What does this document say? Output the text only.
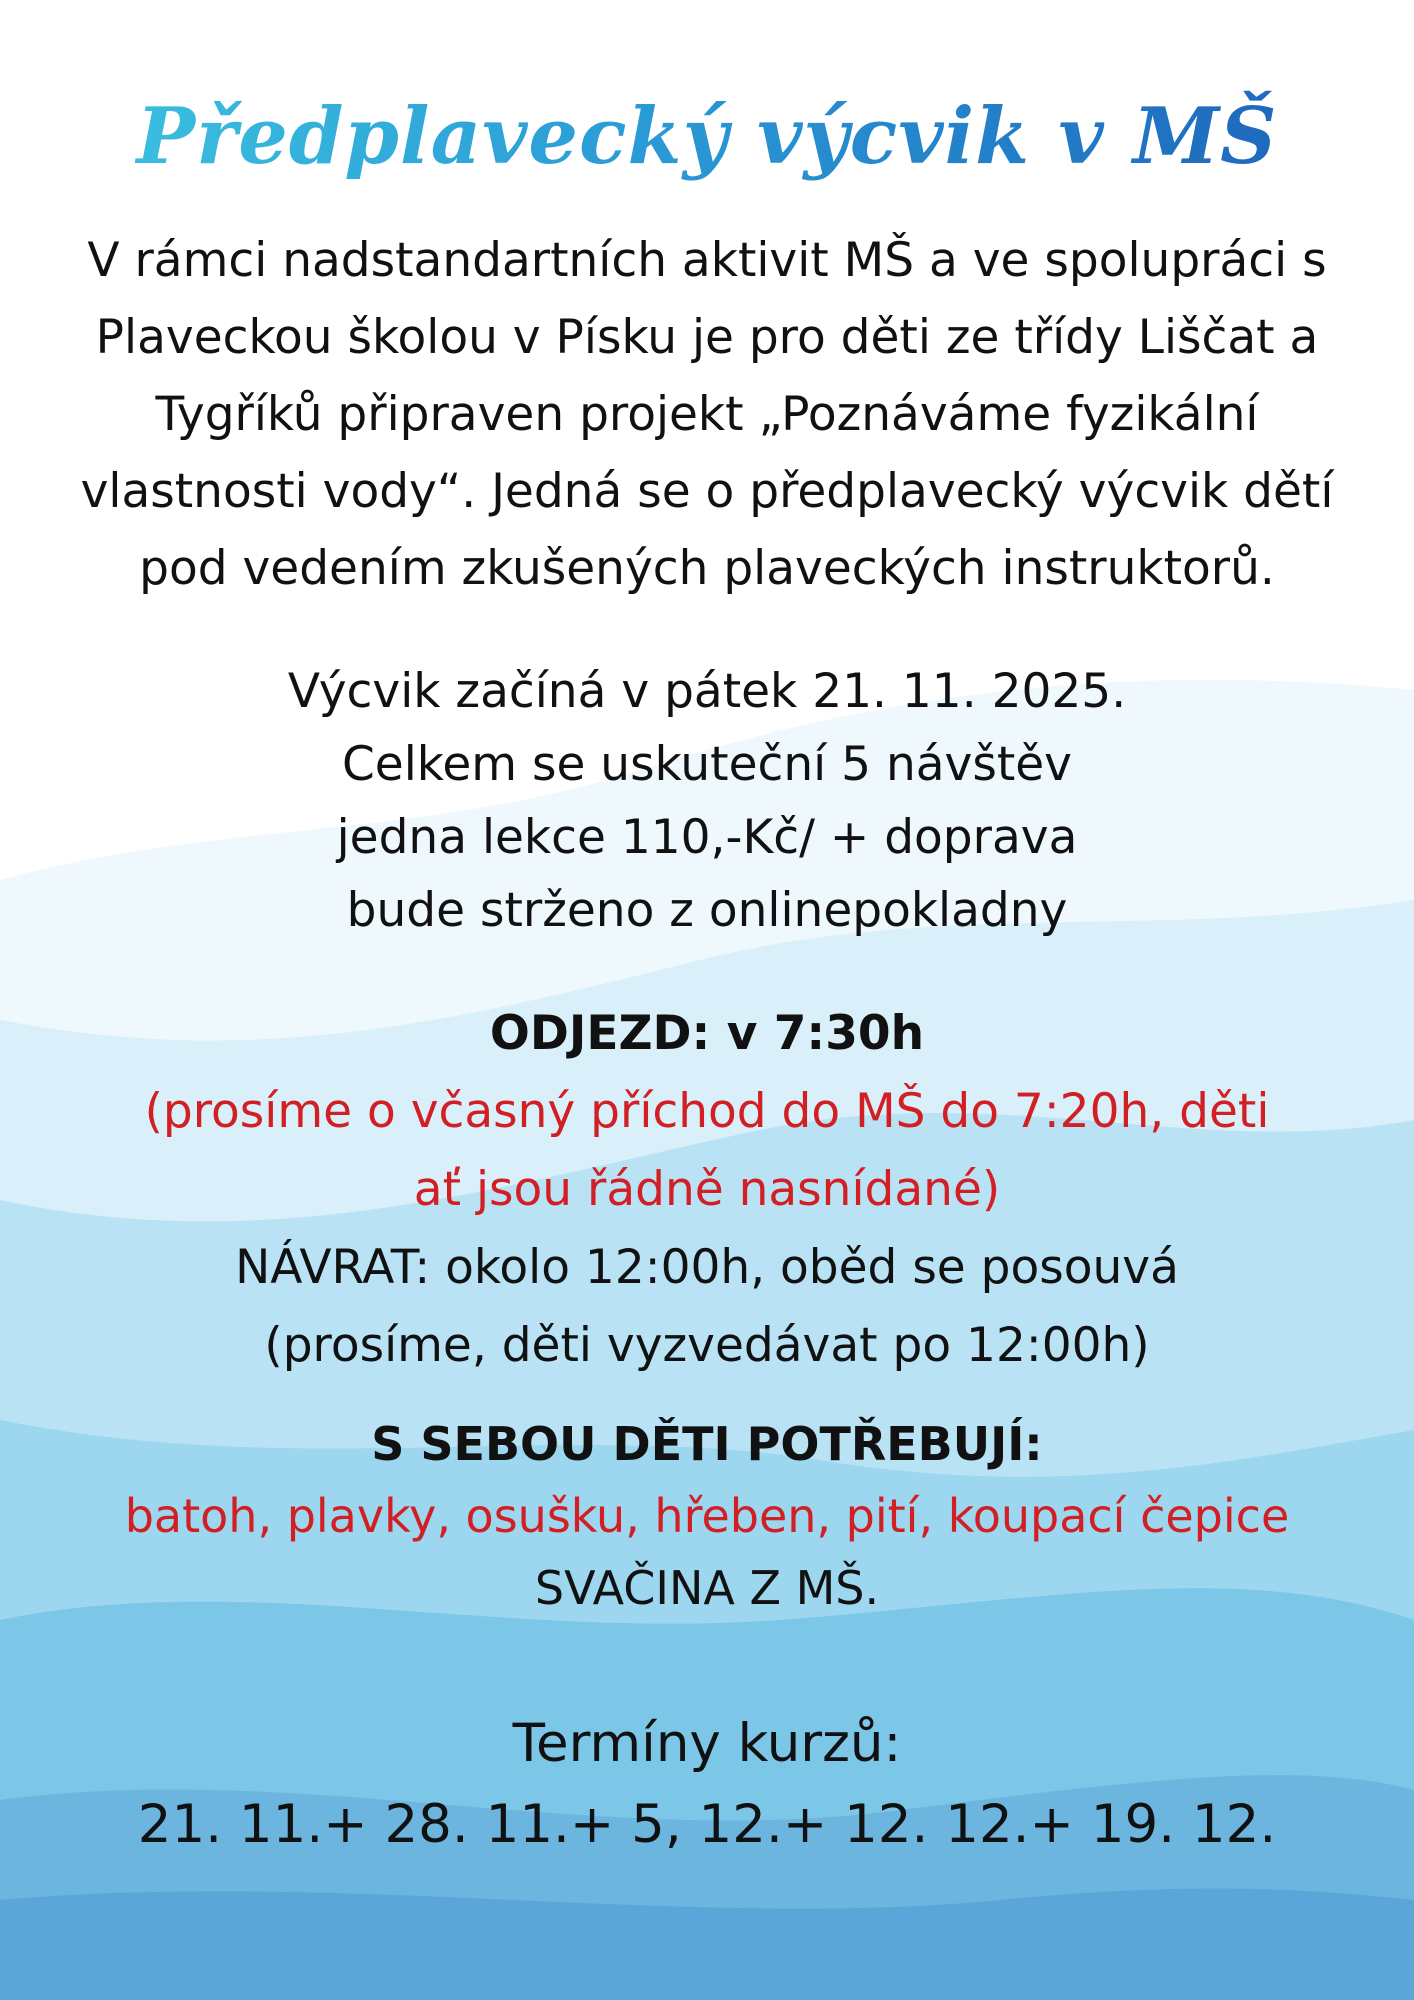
Předplavecký výcvik v MŠ
V rámci nadstandartních aktivit MŠ a ve spolupráci s
Plaveckou školou v Písku je pro děti ze třídy Liščat a
Tygříků připraven projekt „Poznáváme fyzikální
vlastnosti vody“. Jedná se o předplavecký výcvik dětí
pod vedením zkušených plaveckých instruktorů.
Výcvik začíná v pátek 21. 11. 2025.
Celkem se uskuteční 5 návštěv
jedna lekce 110,-Kč/ + doprava
bude strženo z onlinepokladny
ODJEZD: v 7:30h
(prosíme o včasný příchod do MŠ do 7:20h, děti
ať jsou řádně nasnídané)
NÁVRAT: okolo 12:00h, oběd se posouvá
(prosíme, děti vyzvedávat po 12:00h)
S SEBOU DĚTI POTŘEBUJÍ:
batoh, plavky, osušku, hřeben, pití, koupací čepice
SVAČINA Z MŠ.
Termíny kurzů:
21. 11.+ 28. 11.+ 5, 12.+ 12. 12.+ 19. 12.
